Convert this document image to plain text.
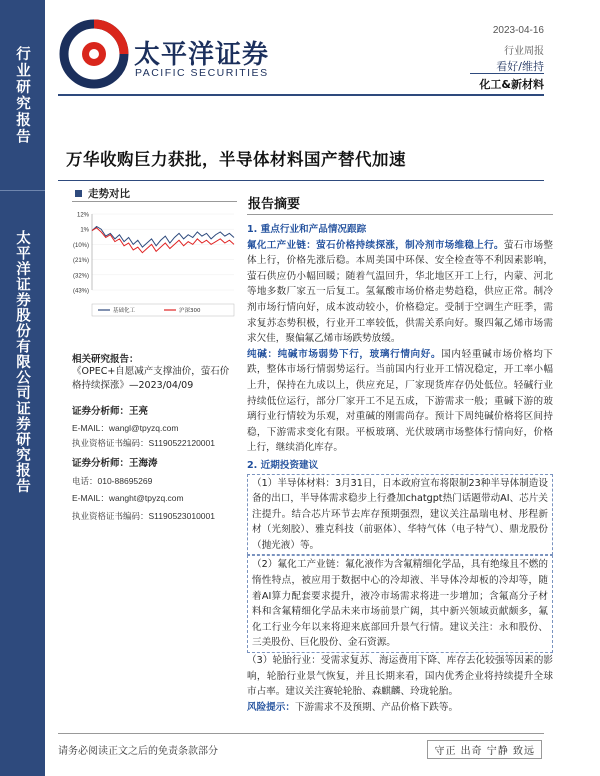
行业研究报告
太平洋证券股份有限公司证券研究报告
太平洋证券
PACIFIC SECURITIES
2023-04-16
行业周报
看好/维持
化工&新材料
万华收购巨力获批，半导体材料国产替代加速
走势对比
12%
1%
(10%)
(21%)
(32%)
(43%)
基础化工	沪深300
相关研究报告：
《OPEC+自愿减产支撑油价，萤石价格持续探涨》—2023/04/09
证券分析师：王亮
E-MAIL：wangl@tpyzq.com
执业资格证书编码：S1190522120001
证券分析师：王海涛
电话：010-88695269
E-MAIL：wanght@tpyzq.com
执业资格证书编码：S1190523010001
报告摘要

1. 重点行业和产品情况跟踪

氟化工产业链：萤石价格持续探涨，制冷剂市场维稳上行。萤石市场整体上行，价格先涨后稳。本周美国中环保、安全检查等不利因素影响，萤石供应仍小幅回暖；随着气温回升，华北地区开工上行，内蒙、河北等地多数厂家五一后复工。氢氟酸市场价格走势趋稳，供应正常。制冷剂市场行情向好，成本波动较小，价格稳定。受制于空调生产旺季，需求复苏态势积极，行业开工率较低，供需关系向好。聚四氟乙烯市场需求欠佳，聚偏氟乙烯市场跌势放缓。

纯碱：纯碱市场弱势下行，玻璃行情向好。国内轻重碱市场价格均下跌，整体市场行情弱势运行。当前国内行业开工情况稳定，开工率小幅上升，保持在九成以上，供应充足，厂家现货库存仍处低位。轻碱行业持续低位运行，部分厂家开工不足五成，下游需求一般；重碱下游的玻璃行业行情较为乐观，对重碱的刚需尚存。预计下周纯碱价格将区间持稳，下游需求变化有限。平板玻璃、光伏玻璃市场整体行情向好，价格上行，继续消化库存。

2. 近期投资建议

（1）半导体材料：3月31日，日本政府宣布将限制23种半导体制造设备的出口，半导体需求稳步上行叠加chatgpt热门话题带动AI、芯片关注提升。结合芯片环节去库存预期强烈，建议关注晶瑞电材、彤程新材（光刻胶）、雅克科技（前驱体）、华特气体（电子特气）、鼎龙股份（抛光液）等。

（2）氟化工产业链：氟化液作为含氟精细化学品，具有绝缘且不燃的惰性特点，被应用于数据中心的冷却液、半导体冷却板的冷却等，随着AI算力配套要求提升，液冷市场需求将进一步增加；含氟高分子材料和含氟精细化学品未来市场前景广阔，其中新兴领域贡献颇多，氟化工行业今年以来将迎来底部回升景气行情。建议关注：永和股份、三美股份、巨化股份、金石资源。

（3）轮胎行业：受需求复苏、海运费用下降、库存去化较强等因素的影响，轮胎行业景气恢复，并且长期来看，国内优秀企业将持续提升全球市占率。建议关注赛轮轮胎、森麒麟、玲珑轮胎。

风险提示：下游需求不及预期、产品价格下跌等。

请务必阅读正文之后的免责条款部分	守正 出奇 宁静 致远
